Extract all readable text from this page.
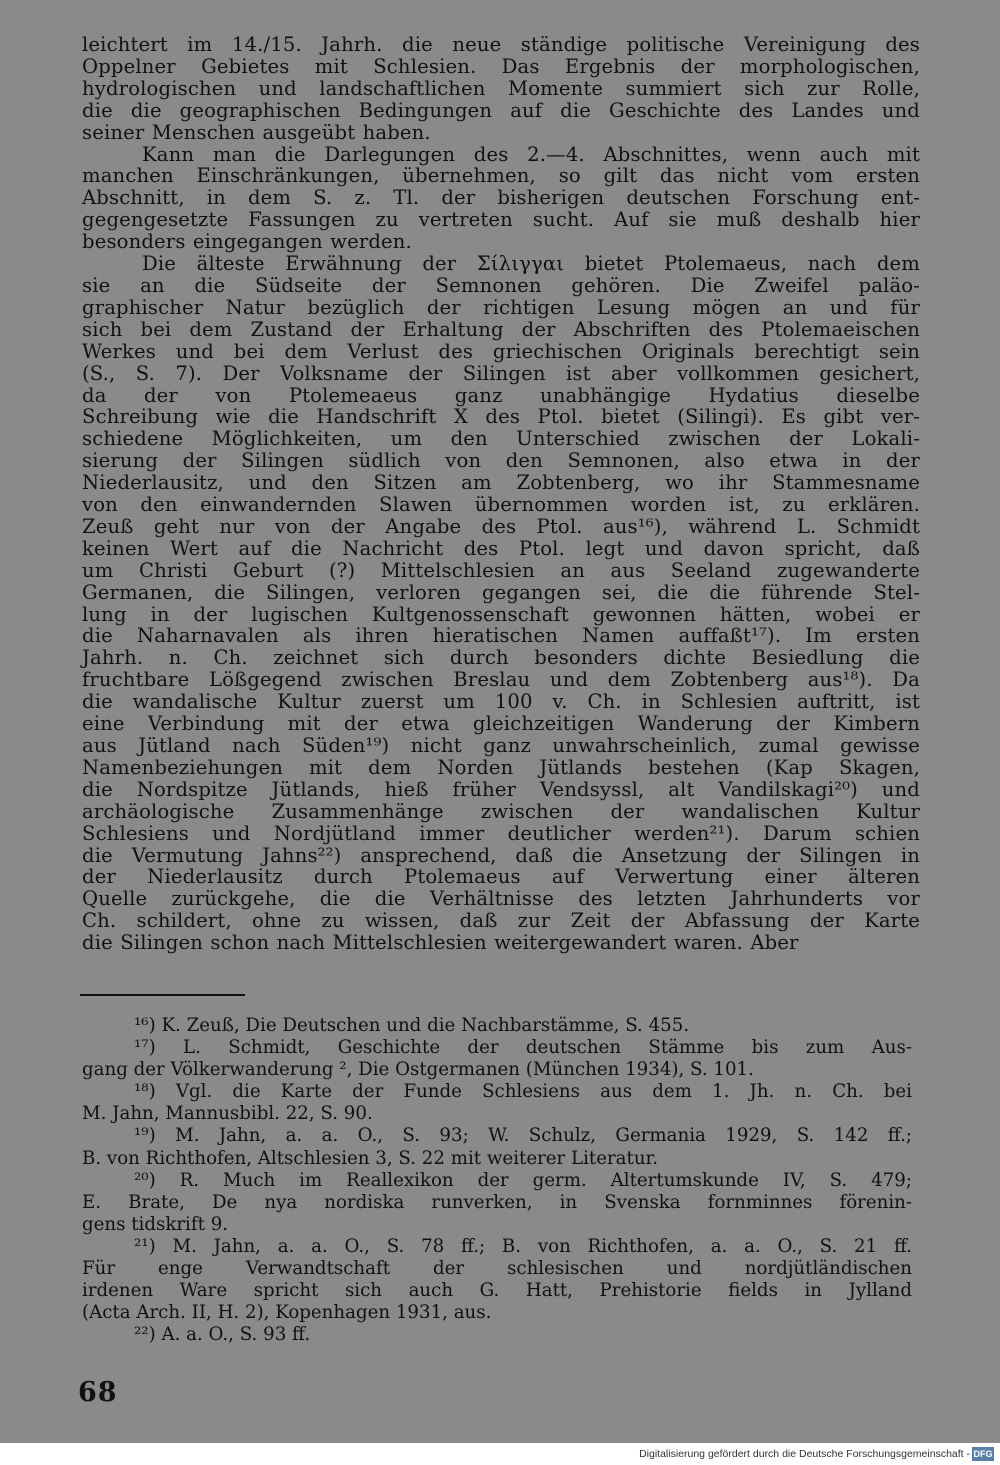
leichtert im 14./15. Jahrh. die neue ständige politische Vereinigung des
Oppelner Gebietes mit Schlesien. Das Ergebnis der morphologischen,
hydrologischen und landschaftlichen Momente summiert sich zur Rolle,
die die geographischen Bedingungen auf die Geschichte des Landes und
seiner Menschen ausgeübt haben.
Kann man die Darlegungen des 2.—4. Abschnittes, wenn auch mit
manchen Einschränkungen, übernehmen, so gilt das nicht vom ersten
Abschnitt, in dem S. z. Tl. der bisherigen deutschen Forschung ent-
gegengesetzte Fassungen zu vertreten sucht. Auf sie muß deshalb hier
besonders eingegangen werden.
Die älteste Erwähnung der Σίλιγγαι bietet Ptolemaeus, nach dem
sie an die Südseite der Semnonen gehören. Die Zweifel paläo-
graphischer Natur bezüglich der richtigen Lesung mögen an und für
sich bei dem Zustand der Erhaltung der Abschriften des Ptolemaeischen
Werkes und bei dem Verlust des griechischen Originals berechtigt sein
(S., S. 7). Der Volksname der Silingen ist aber vollkommen gesichert,
da der von Ptolemeaeus ganz unabhängige Hydatius dieselbe
Schreibung wie die Handschrift X des Ptol. bietet (Silingi). Es gibt ver-
schiedene Möglichkeiten, um den Unterschied zwischen der Lokali-
sierung der Silingen südlich von den Semnonen, also etwa in der
Niederlausitz, und den Sitzen am Zobtenberg, wo ihr Stammesname
von den einwandernden Slawen übernommen worden ist, zu erklären.
Zeuß geht nur von der Angabe des Ptol. aus¹⁶), während L. Schmidt
keinen Wert auf die Nachricht des Ptol. legt und davon spricht, daß
um Christi Geburt (?) Mittelschlesien an aus Seeland zugewanderte
Germanen, die Silingen, verloren gegangen sei, die die führende Stel-
lung in der lugischen Kultgenossenschaft gewonnen hätten, wobei er
die Naharnavalen als ihren hieratischen Namen auffaßt¹⁷). Im ersten
Jahrh. n. Ch. zeichnet sich durch besonders dichte Besiedlung die
fruchtbare Lößgegend zwischen Breslau und dem Zobtenberg aus¹⁸). Da
die wandalische Kultur zuerst um 100 v. Ch. in Schlesien auftritt, ist
eine Verbindung mit der etwa gleichzeitigen Wanderung der Kimbern
aus Jütland nach Süden¹⁹) nicht ganz unwahrscheinlich, zumal gewisse
Namenbeziehungen mit dem Norden Jütlands bestehen (Kap Skagen,
die Nordspitze Jütlands, hieß früher Vendsyssl, alt Vandilskagi²⁰) und
archäologische Zusammenhänge zwischen der wandalischen Kultur
Schlesiens und Nordjütland immer deutlicher werden²¹). Darum schien
die Vermutung Jahns²²) ansprechend, daß die Ansetzung der Silingen in
der Niederlausitz durch Ptolemaeus auf Verwertung einer älteren
Quelle zurückgehe, die die Verhältnisse des letzten Jahrhunderts vor
Ch. schildert, ohne zu wissen, daß zur Zeit der Abfassung der Karte
die Silingen schon nach Mittelschlesien weitergewandert waren. Aber
¹⁶) K. Zeuß, Die Deutschen und die Nachbarstämme, S. 455.
¹⁷) L. Schmidt, Geschichte der deutschen Stämme bis zum Aus-
gang der Völkerwanderung ², Die Ostgermanen (München 1934), S. 101.
¹⁸) Vgl. die Karte der Funde Schlesiens aus dem 1. Jh. n. Ch. bei
M. Jahn, Mannusbibl. 22, S. 90.
¹⁹) M. Jahn, a. a. O., S. 93; W. Schulz, Germania 1929, S. 142 ff.;
B. von Richthofen, Altschlesien 3, S. 22 mit weiterer Literatur.
²⁰) R. Much im Reallexikon der germ. Altertumskunde IV, S. 479;
E. Brate, De nya nordiska runverken, in Svenska fornminnes förenin-
gens tidskrift 9.
²¹) M. Jahn, a. a. O., S. 78 ff.; B. von Richthofen, a. a. O., S. 21 ff.
Für enge Verwandtschaft der schlesischen und nordjütländischen
irdenen Ware spricht sich auch G. Hatt, Prehistorie fields in Jylland
(Acta Arch. II, H. 2), Kopenhagen 1931, aus.
²²) A. a. O., S. 93 ff.
68
Digitalisierung gefördert durch die Deutsche Forschungsgemeinschaft - DFG
